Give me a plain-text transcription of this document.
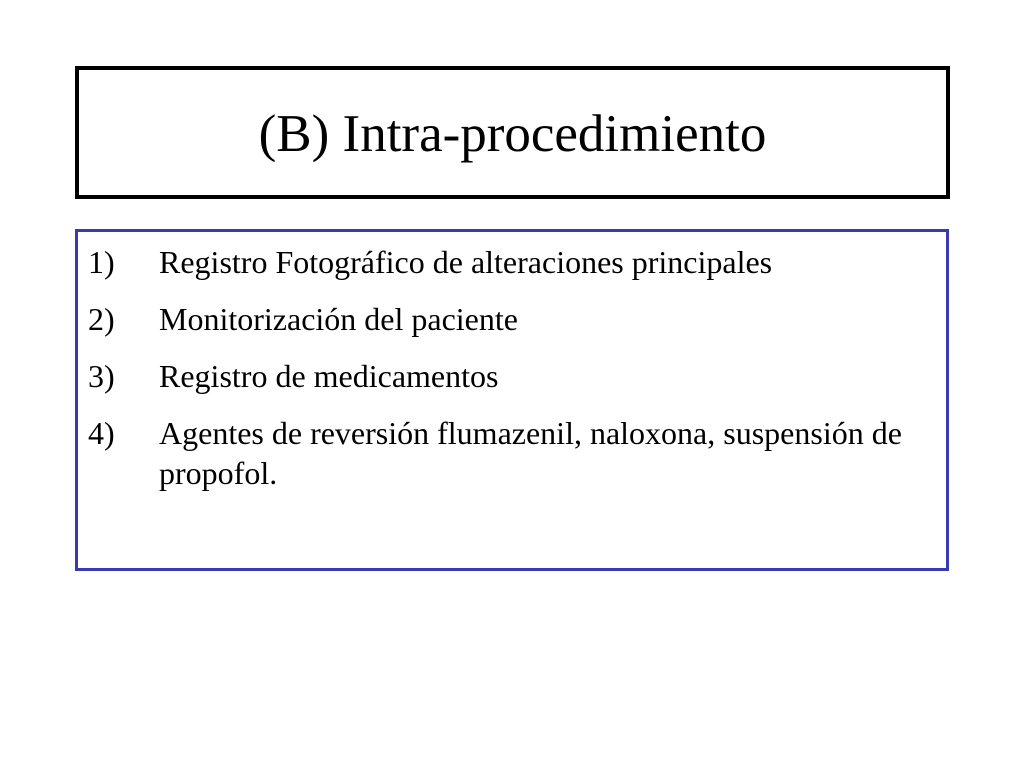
(B) Intra-procedimiento
1)	Registro Fotográfico de alteraciones principales
2)	Monitorización del paciente
3)	Registro de medicamentos
4)	Agentes de reversión flumazenil, naloxona, suspensión de propofol.
